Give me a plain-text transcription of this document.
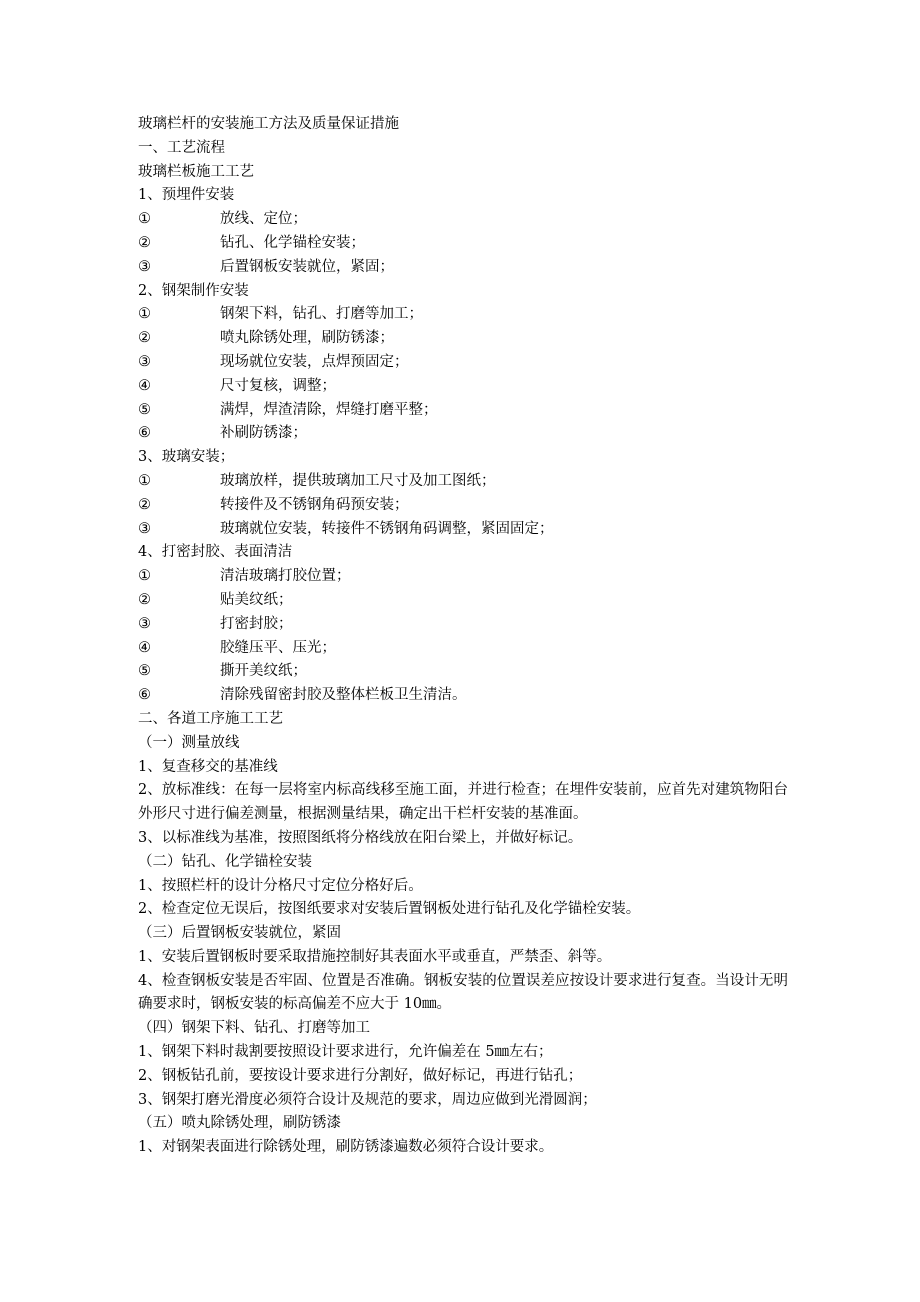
玻璃栏杆的安装施工方法及质量保证措施
一、工艺流程
玻璃栏板施工工艺
1、预埋件安装
①	放线、定位；
②	钻孔、化学锚栓安装；
③	后置钢板安装就位，紧固；
2、钢架制作安装
①	钢架下料，钻孔、打磨等加工；
②	喷丸除锈处理，刷防锈漆；
③	现场就位安装，点焊预固定；
④	尺寸复核，调整；
⑤	满焊，焊渣清除，焊缝打磨平整；
⑥	补刷防锈漆；
3、玻璃安装；
①	玻璃放样，提供玻璃加工尺寸及加工图纸；
②	转接件及不锈钢角码预安装；
③	玻璃就位安装，转接件不锈钢角码调整，紧固固定；
4、打密封胶、表面清洁
①	清洁玻璃打胶位置；
②	贴美纹纸；
③	打密封胶；
④	胶缝压平、压光；
⑤	撕开美纹纸；
⑥	清除残留密封胶及整体栏板卫生清洁。
二、各道工序施工工艺
（一）测量放线
1、复查移交的基准线
2、放标准线：在每一层将室内标高线移至施工面，并进行检查；在埋件安装前，应首先对建筑物阳台外形尺寸进行偏差测量，根据测量结果，确定出干栏杆安装的基准面。
3、以标准线为基准，按照图纸将分格线放在阳台梁上，并做好标记。
（二）钻孔、化学锚栓安装
1、按照栏杆的设计分格尺寸定位分格好后。
2、检查定位无误后，按图纸要求对安装后置钢板处进行钻孔及化学锚栓安装。
（三）后置钢板安装就位，紧固
1、安装后置钢板时要采取措施控制好其表面水平或垂直，严禁歪、斜等。
4、检查钢板安装是否牢固、位置是否准确。钢板安装的位置误差应按设计要求进行复查。当设计无明确要求时，钢板安装的标高偏差不应大于 10㎜。
（四）钢架下料、钻孔、打磨等加工
1、钢架下料时裁割要按照设计要求进行，允许偏差在 5㎜左右；
2、钢板钻孔前，要按设计要求进行分割好，做好标记，再进行钻孔；
3、钢架打磨光滑度必须符合设计及规范的要求，周边应做到光滑圆润；
（五）喷丸除锈处理，刷防锈漆
1、对钢架表面进行除锈处理，刷防锈漆遍数必须符合设计要求。
